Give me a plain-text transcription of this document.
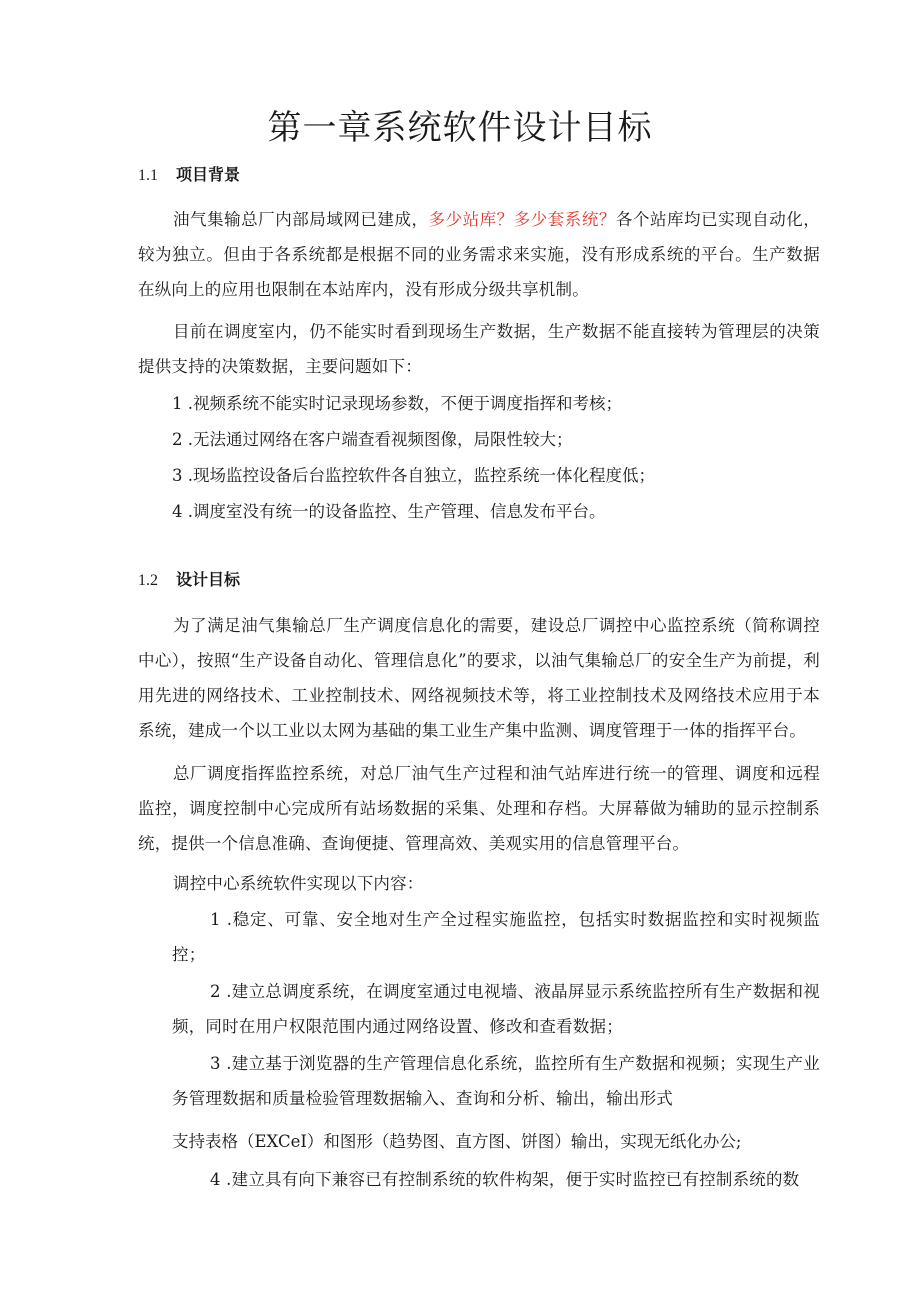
第一章系统软件设计目标
1.1 项目背景

油气集输总厂内部局域网已建成，多少站库？多少套系统？各个站库均已实现自动化，较为独立。但由于各系统都是根据不同的业务需求来实施，没有形成系统的平台。生产数据在纵向上的应用也限制在本站库内，没有形成分级共享机制。

目前在调度室内，仍不能实时看到现场生产数据，生产数据不能直接转为管理层的决策提供支持的决策数据，主要问题如下：

1 .视频系统不能实时记录现场参数，不便于调度指挥和考核；
2 .无法通过网络在客户端查看视频图像，局限性较大；
3 .现场监控设备后台监控软件各自独立，监控系统一体化程度低；
4 .调度室没有统一的设备监控、生产管理、信息发布平台。
1.2 设计目标

为了满足油气集输总厂生产调度信息化的需要，建设总厂调控中心监控系统（简称调控中心），按照“生产设备自动化、管理信息化”的要求，以油气集输总厂的安全生产为前提，利用先进的网络技术、工业控制技术、网络视频技术等，将工业控制技术及网络技术应用于本系统，建成一个以工业以太网为基础的集工业生产集中监测、调度管理于一体的指挥平台。

总厂调度指挥监控系统，对总厂油气生产过程和油气站库进行统一的管理、调度和远程监控，调度控制中心完成所有站场数据的采集、处理和存档。大屏幕做为辅助的显示控制系统，提供一个信息准确、查询便捷、管理高效、美观实用的信息管理平台。

调控中心系统软件实现以下内容：

1 .稳定、可靠、安全地对生产全过程实施监控，包括实时数据监控和实时视频监控；

2 .建立总调度系统，在调度室通过电视墙、液晶屏显示系统监控所有生产数据和视频，同时在用户权限范围内通过网络设置、修改和查看数据；

3 .建立基于浏览器的生产管理信息化系统，监控所有生产数据和视频；实现生产业务管理数据和质量检验管理数据输入、查询和分析、输出，输出形式

支持表格（EXCeI）和图形（趋势图、直方图、饼图）输出，实现无纸化办公;

4 .建立具有向下兼容已有控制系统的软件构架，便于实时监控已有控制系统的数
